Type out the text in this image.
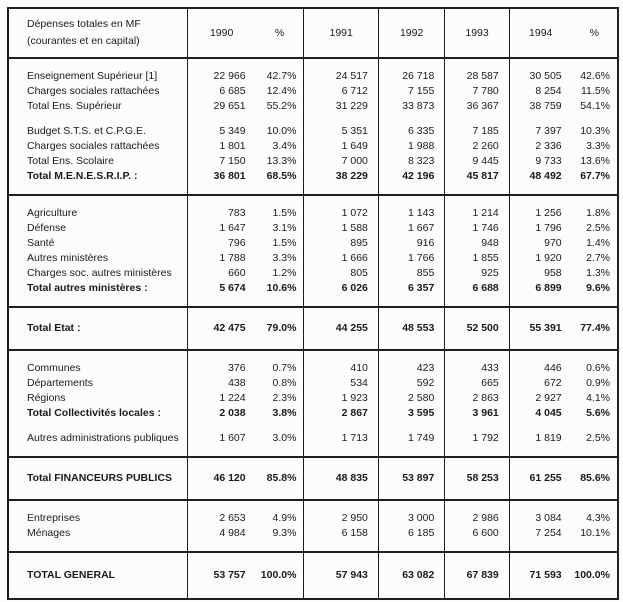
Dépenses totales en MF
(courantes et en capital)	1990	%	1991	1992	1993	1994	%
Enseignement Supérieur [1]	22 966	42.7%	24 517	26 718	28 587	30 505	42.6%
Charges sociales rattachées	6 685	12.4%	6 712	7 155	7 780	8 254	11.5%
Total Ens. Supérieur	29 651	55.2%	31 229	33 873	36 367	38 759	54.1%
Budget S.T.S. et C.P.G.E.	5 349	10.0%	5 351	6 335	7 185	7 397	10.3%
Charges sociales rattachées	1 801	3.4%	1 649	1 988	2 260	2 336	3.3%
Total Ens. Scolaire	7 150	13.3%	7 000	8 323	9 445	9 733	13.6%
Total M.E.N.E.S.R.I.P. :	36 801	68.5%	38 229	42 196	45 817	48 492	67.7%
Agriculture	783	1.5%	1 072	1 143	1 214	1 256	1.8%
Défense	1 647	3.1%	1 588	1 667	1 746	1 796	2.5%
Santé	796	1.5%	895	916	948	970	1.4%
Autres ministères	1 788	3.3%	1 666	1 766	1 855	1 920	2.7%
Charges soc. autres ministères	660	1.2%	805	855	925	958	1.3%
Total autres ministères :	5 674	10.6%	6 026	6 357	6 688	6 899	9.6%
Total Etat :	42 475	79.0%	44 255	48 553	52 500	55 391	77.4%
Communes	376	0.7%	410	423	433	446	0.6%
Départements	438	0.8%	534	592	665	672	0.9%
Régions	1 224	2.3%	1 923	2 580	2 863	2 927	4.1%
Total Collectivités locales :	2 038	3.8%	2 867	3 595	3 961	4 045	5.6%
Autres administrations publiques	1 607	3.0%	1 713	1 749	1 792	1 819	2.5%
Total FINANCEURS PUBLICS	46 120	85.8%	48 835	53 897	58 253	61 255	85.6%
Entreprises	2 653	4.9%	2 950	3 000	2 986	3 084	4.3%
Ménages	4 984	9.3%	6 158	6 185	6 600	7 254	10.1%
TOTAL GENERAL	53 757	100.0%	57 943	63 082	67 839	71 593	100.0%
